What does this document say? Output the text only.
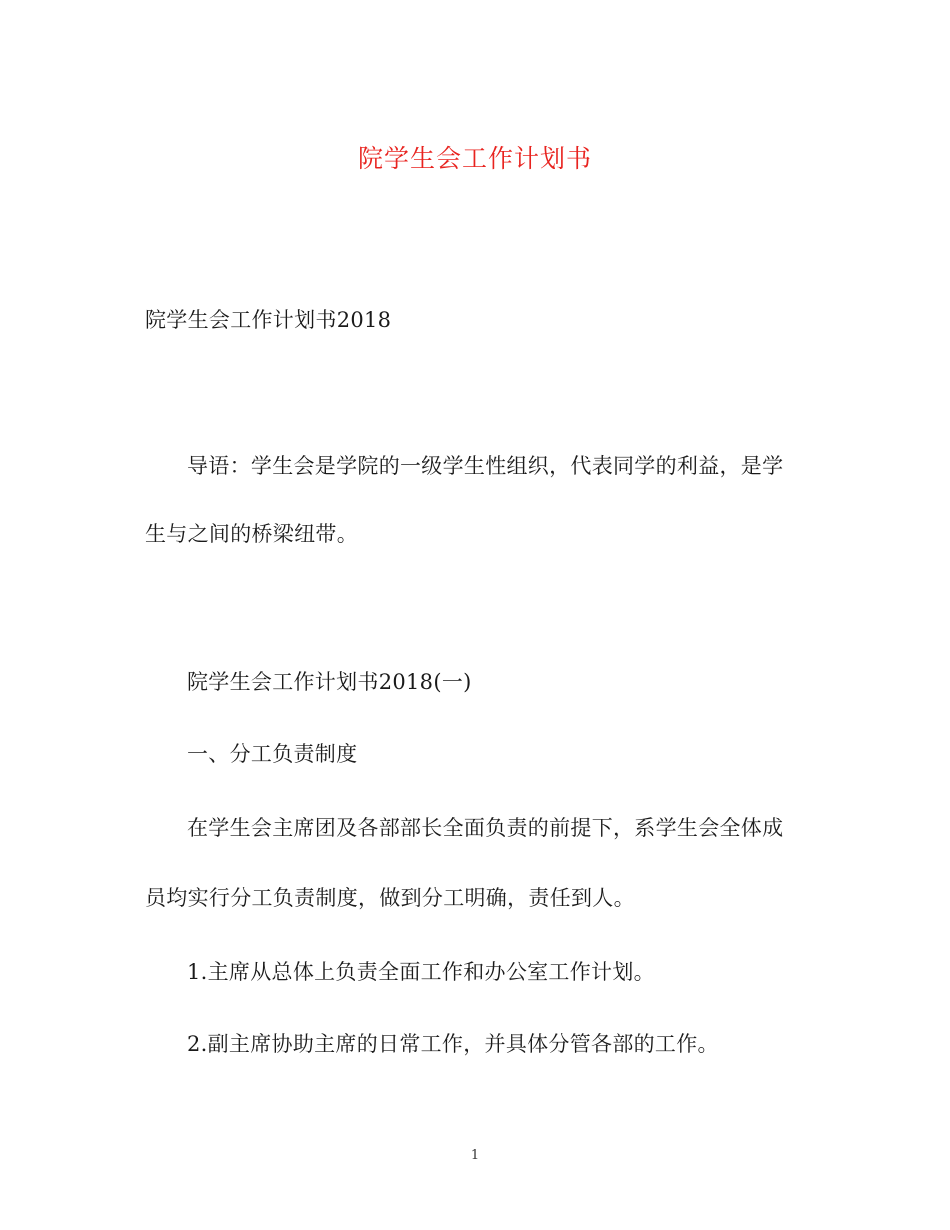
院学生会工作计划书
院学生会工作计划书2018
导语：学生会是学院的一级学生性组织，代表同学的利益，是学
生与之间的桥梁纽带。
院学生会工作计划书2018(一)
一、分工负责制度
在学生会主席团及各部部长全面负责的前提下，系学生会全体成
员均实行分工负责制度，做到分工明确，责任到人。
1.主席从总体上负责全面工作和办公室工作计划。
2.副主席协助主席的日常工作，并具体分管各部的工作。
1
